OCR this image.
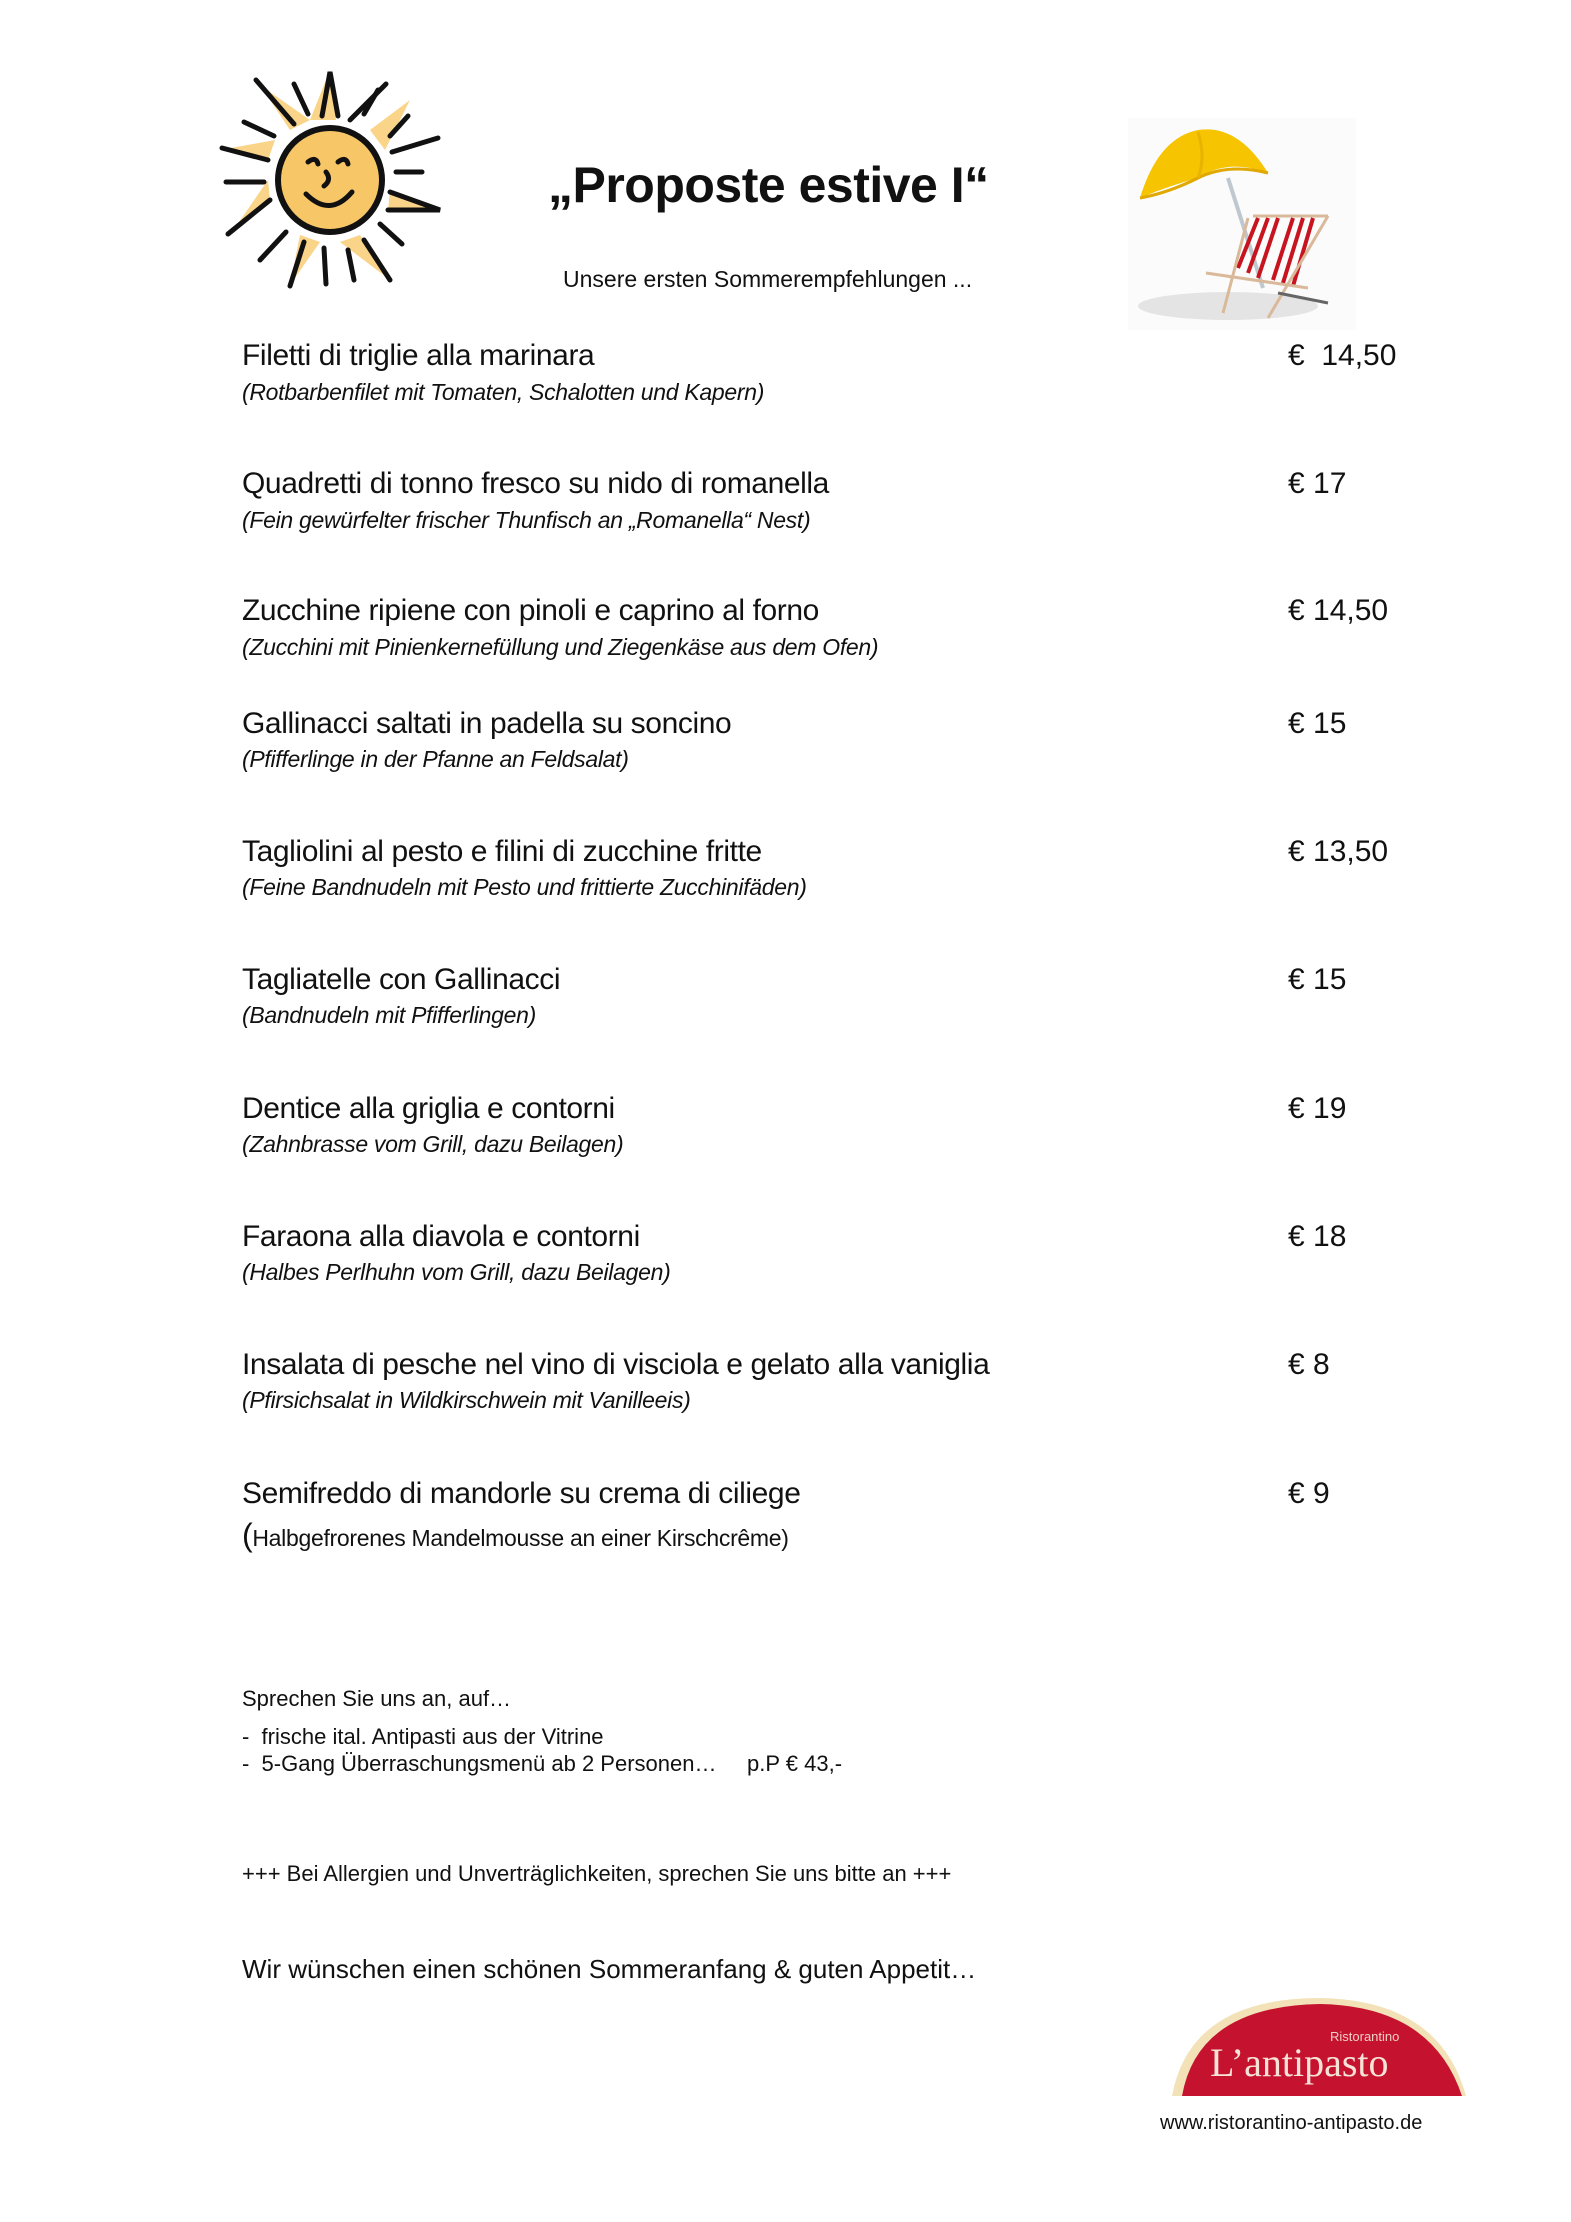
„Proposte estive I“
Unsere ersten Sommerempfehlungen ...
Filetti di triglie alla marinara
(Rotbarbenfilet mit Tomaten, Schalotten und Kapern)
€  14,50
Quadretti di tonno fresco su nido di romanella
(Fein gewürfelter frischer Thunfisch an „Romanella“ Nest)
€ 17
Zucchine ripiene con pinoli e caprino al forno
(Zucchini mit Pinienkernefüllung und Ziegenkäse aus dem Ofen)
€ 14,50
Gallinacci saltati in padella su soncino
(Pfifferlinge in der Pfanne an Feldsalat)
€ 15
Tagliolini al pesto e filini di zucchine fritte
(Feine Bandnudeln mit Pesto und frittierte Zucchinifäden)
€ 13,50
Tagliatelle con Gallinacci
(Bandnudeln mit Pfifferlingen)
€ 15
Dentice alla griglia e contorni
(Zahnbrasse vom Grill, dazu Beilagen)
€ 19
Faraona alla diavola e contorni
(Halbes Perlhuhn vom Grill, dazu Beilagen)
€ 18
Insalata di pesche nel vino di visciola e gelato alla vaniglia
(Pfirsichsalat in Wildkirschwein mit Vanilleeis)
€ 8
Semifreddo di mandorle su crema di ciliege
(Halbgefrorenes Mandelmousse an einer Kirschcrême)
€ 9
Sprechen Sie uns an, auf…
-  frische ital. Antipasti aus der Vitrine
-  5-Gang Überraschungsmenü ab 2 Personen…     p.P € 43,-
+++ Bei Allergien und Unverträglichkeiten, sprechen Sie uns bitte an +++
Wir wünschen einen schönen Sommeranfang & guten Appetit…
Ristorantino
L’antipasto
www.ristorantino-antipasto.de
